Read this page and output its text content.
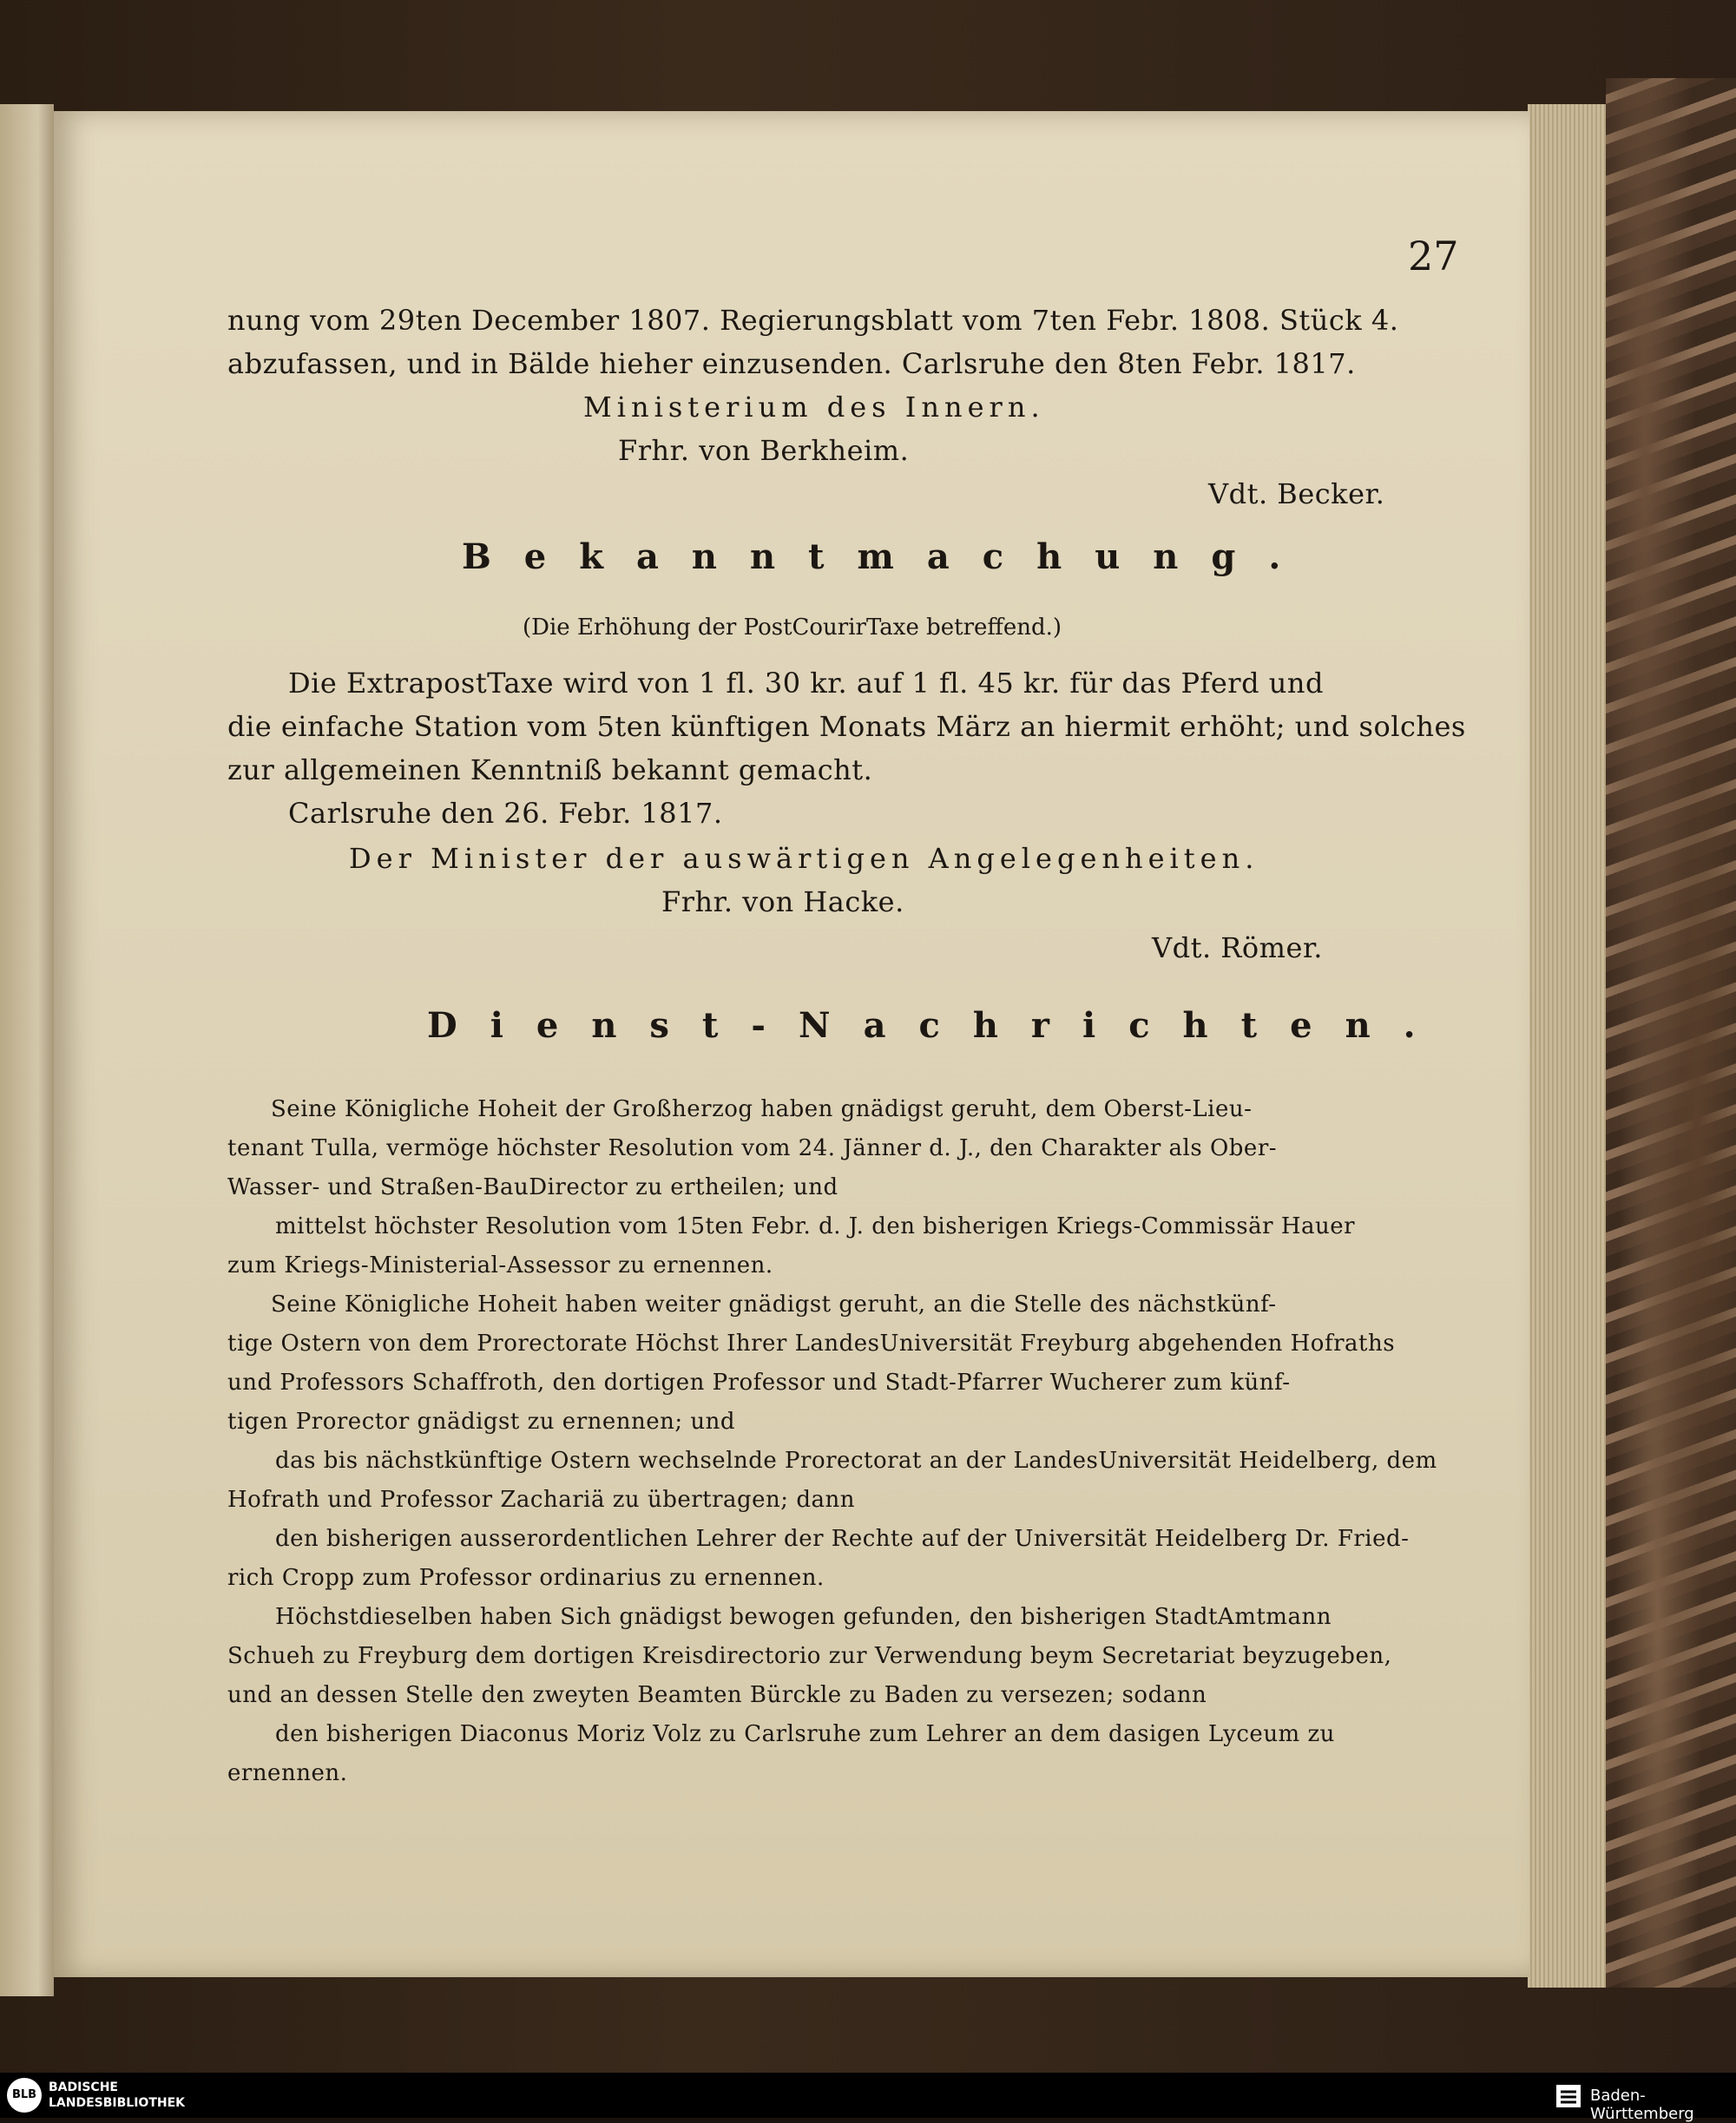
27
nung vom 29ten December 1807. Regierungsblatt vom 7ten Febr. 1808. Stück 4.
abzufassen, und in Bälde hieher einzusenden. Carlsruhe den 8ten Febr. 1817.
Ministerium des Innern.
Frhr. von Berkheim.
Vdt. Becker.
Bekanntmachung.
(Die Erhöhung der PostCourirTaxe betreffend.)
Die ExtrapostTaxe wird von 1 fl. 30 kr. auf 1 fl. 45 kr. für das Pferd und
die einfache Station vom 5ten künftigen Monats März an hiermit erhöht; und solches
zur allgemeinen Kenntniß bekannt gemacht.
Carlsruhe den 26. Febr. 1817.
Der Minister der auswärtigen Angelegenheiten.
Frhr. von Hacke.
Vdt. Römer.
Dienst-Nachrichten.
Seine Königliche Hoheit der Großherzog haben gnädigst geruht, dem Oberst-Lieu-
tenant Tulla, vermöge höchster Resolution vom 24. Jänner d. J., den Charakter als Ober-
Wasser- und Straßen-BauDirector zu ertheilen; und
mittelst höchster Resolution vom 15ten Febr. d. J. den bisherigen Kriegs-Commissär Hauer
zum Kriegs-Ministerial-Assessor zu ernennen.
Seine Königliche Hoheit haben weiter gnädigst geruht, an die Stelle des nächstkünf-
tige Ostern von dem Prorectorate Höchst Ihrer LandesUniversität Freyburg abgehenden Hofraths
und Professors Schaffroth, den dortigen Professor und Stadt-Pfarrer Wucherer zum künf-
tigen Prorector gnädigst zu ernennen; und
das bis nächstkünftige Ostern wechselnde Prorectorat an der LandesUniversität Heidelberg, dem
Hofrath und Professor Zachariä zu übertragen; dann
den bisherigen ausserordentlichen Lehrer der Rechte auf der Universität Heidelberg Dr. Fried-
rich Cropp zum Professor ordinarius zu ernennen.
Höchstdieselben haben Sich gnädigst bewogen gefunden, den bisherigen StadtAmtmann
Schueh zu Freyburg dem dortigen Kreisdirectorio zur Verwendung beym Secretariat beyzugeben,
und an dessen Stelle den zweyten Beamten Bürckle zu Baden zu versezen; sodann
den bisherigen Diaconus Moriz Volz zu Carlsruhe zum Lehrer an dem dasigen Lyceum zu
ernennen.
BLB
BADISCHE
LANDESBIBLIOTHEK	Baden-Württemberg
